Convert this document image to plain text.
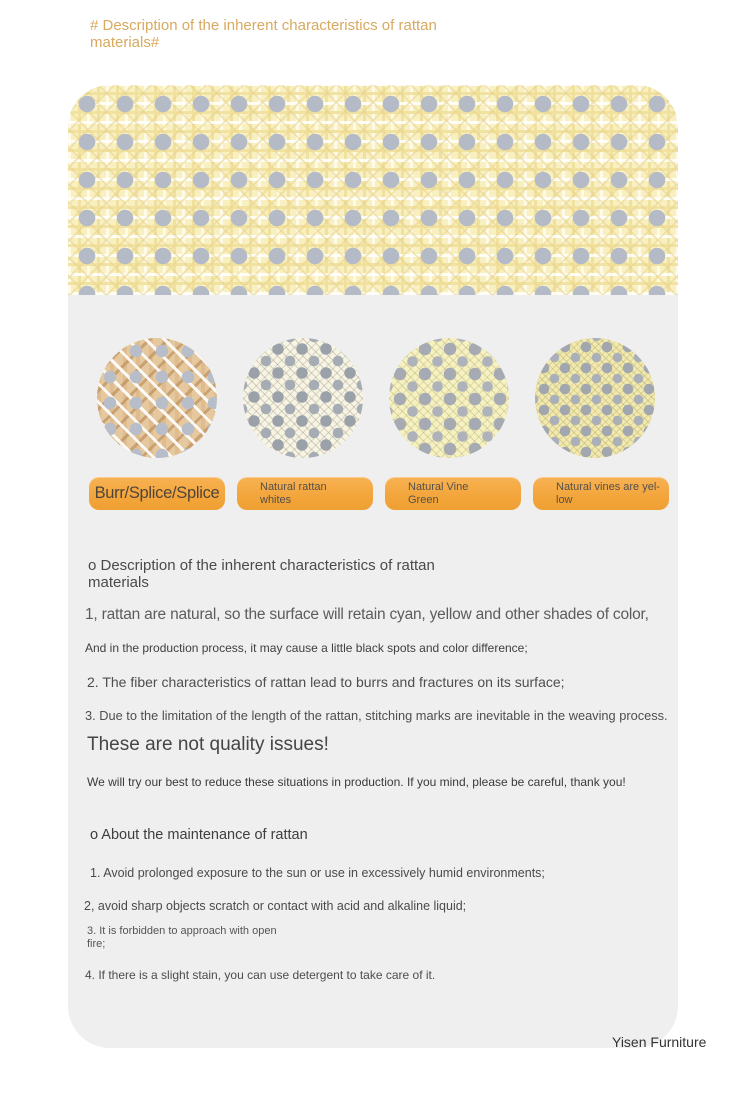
# Description of the inherent characteristics of rattan
materials#
Burr/Splice/Splice	Natural rattan
whites
Natural Vine
Green
Natural vines are yel-
low
o Description of the inherent characteristics of rattan materials
1, rattan are natural, so the surface will retain cyan, yellow and other shades of color,
And in the production process, it may cause a little black spots and color difference;
2. The fiber characteristics of rattan lead to burrs and fractures on its surface;
3. Due to the limitation of the length of the rattan, stitching marks are inevitable in the weaving process.
These are not quality issues!
We will try our best to reduce these situations in production. If you mind, please be careful, thank you!
o About the maintenance of rattan
1. Avoid prolonged exposure to the sun or use in excessively humid environments;
2, avoid sharp objects scratch or contact with acid and alkaline liquid;
3. It is forbidden to approach with open
fire;
4. If there is a slight stain, you can use detergent to take care of it.
Yisen Furniture
